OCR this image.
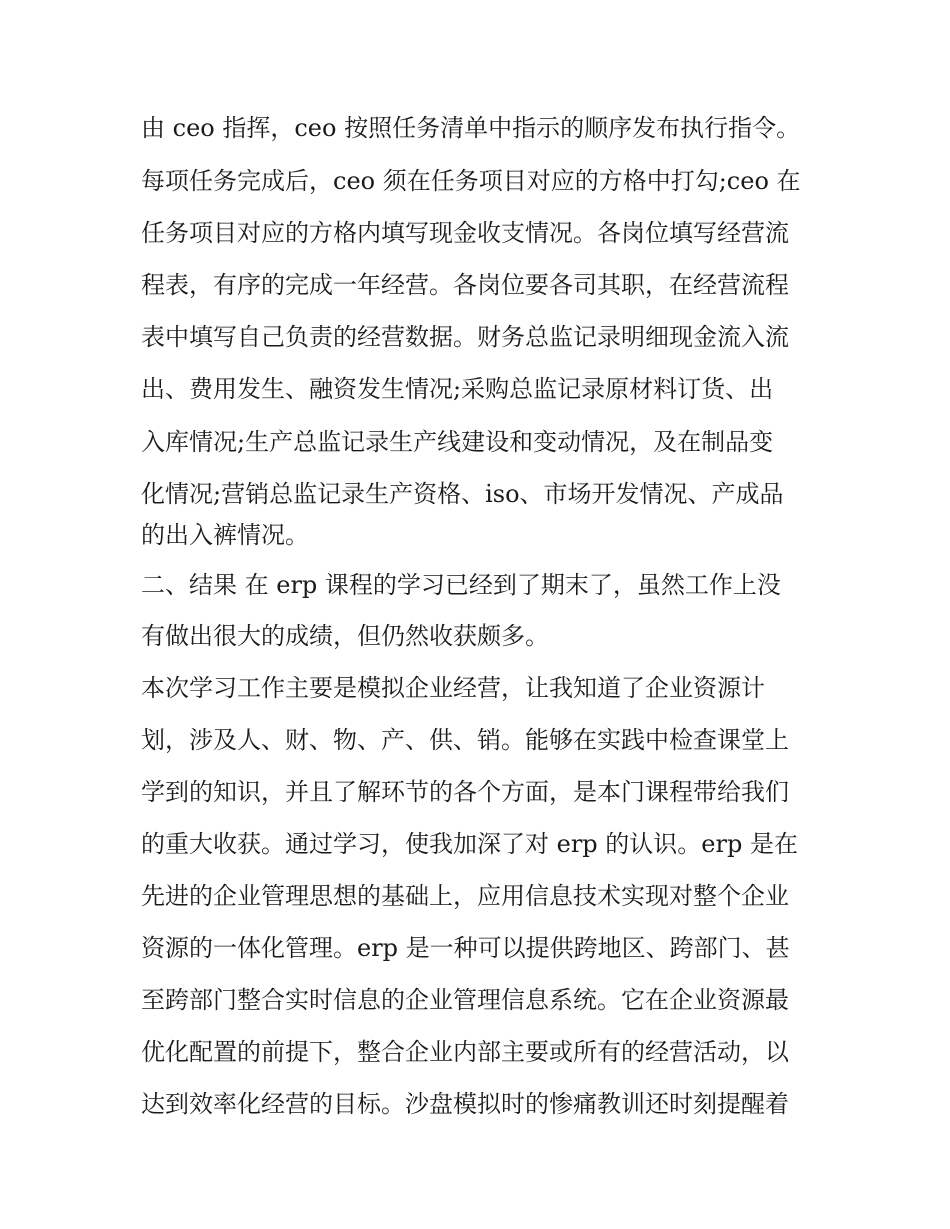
由 ceo 指挥，ceo 按照任务清单中指示的顺序发布执行指令。
每项任务完成后，ceo 须在任务项目对应的方格中打勾;ceo 在
任务项目对应的方格内填写现金收支情况。各岗位填写经营流
程表，有序的完成一年经营。各岗位要各司其职，在经营流程
表中填写自己负责的经营数据。财务总监记录明细现金流入流
出、费用发生、融资发生情况;采购总监记录原材料订货、出
入库情况;生产总监记录生产线建设和变动情况，及在制品变
化情况;营销总监记录生产资格、iso、市场开发情况、产成品
的出入裤情况。
二、结果 在 erp 课程的学习已经到了期末了，虽然工作上没
有做出很大的成绩，但仍然收获颇多。
本次学习工作主要是模拟企业经营，让我知道了企业资源计
划，涉及人、财、物、产、供、销。能够在实践中检查课堂上
学到的知识，并且了解环节的各个方面，是本门课程带给我们
的重大收获。通过学习，使我加深了对 erp 的认识。erp 是在
先进的企业管理思想的基础上，应用信息技术实现对整个企业
资源的一体化管理。erp 是一种可以提供跨地区、跨部门、甚
至跨部门整合实时信息的企业管理信息系统。它在企业资源最
优化配置的前提下，整合企业内部主要或所有的经营活动，以
达到效率化经营的目标。沙盘模拟时的惨痛教训还时刻提醒着
